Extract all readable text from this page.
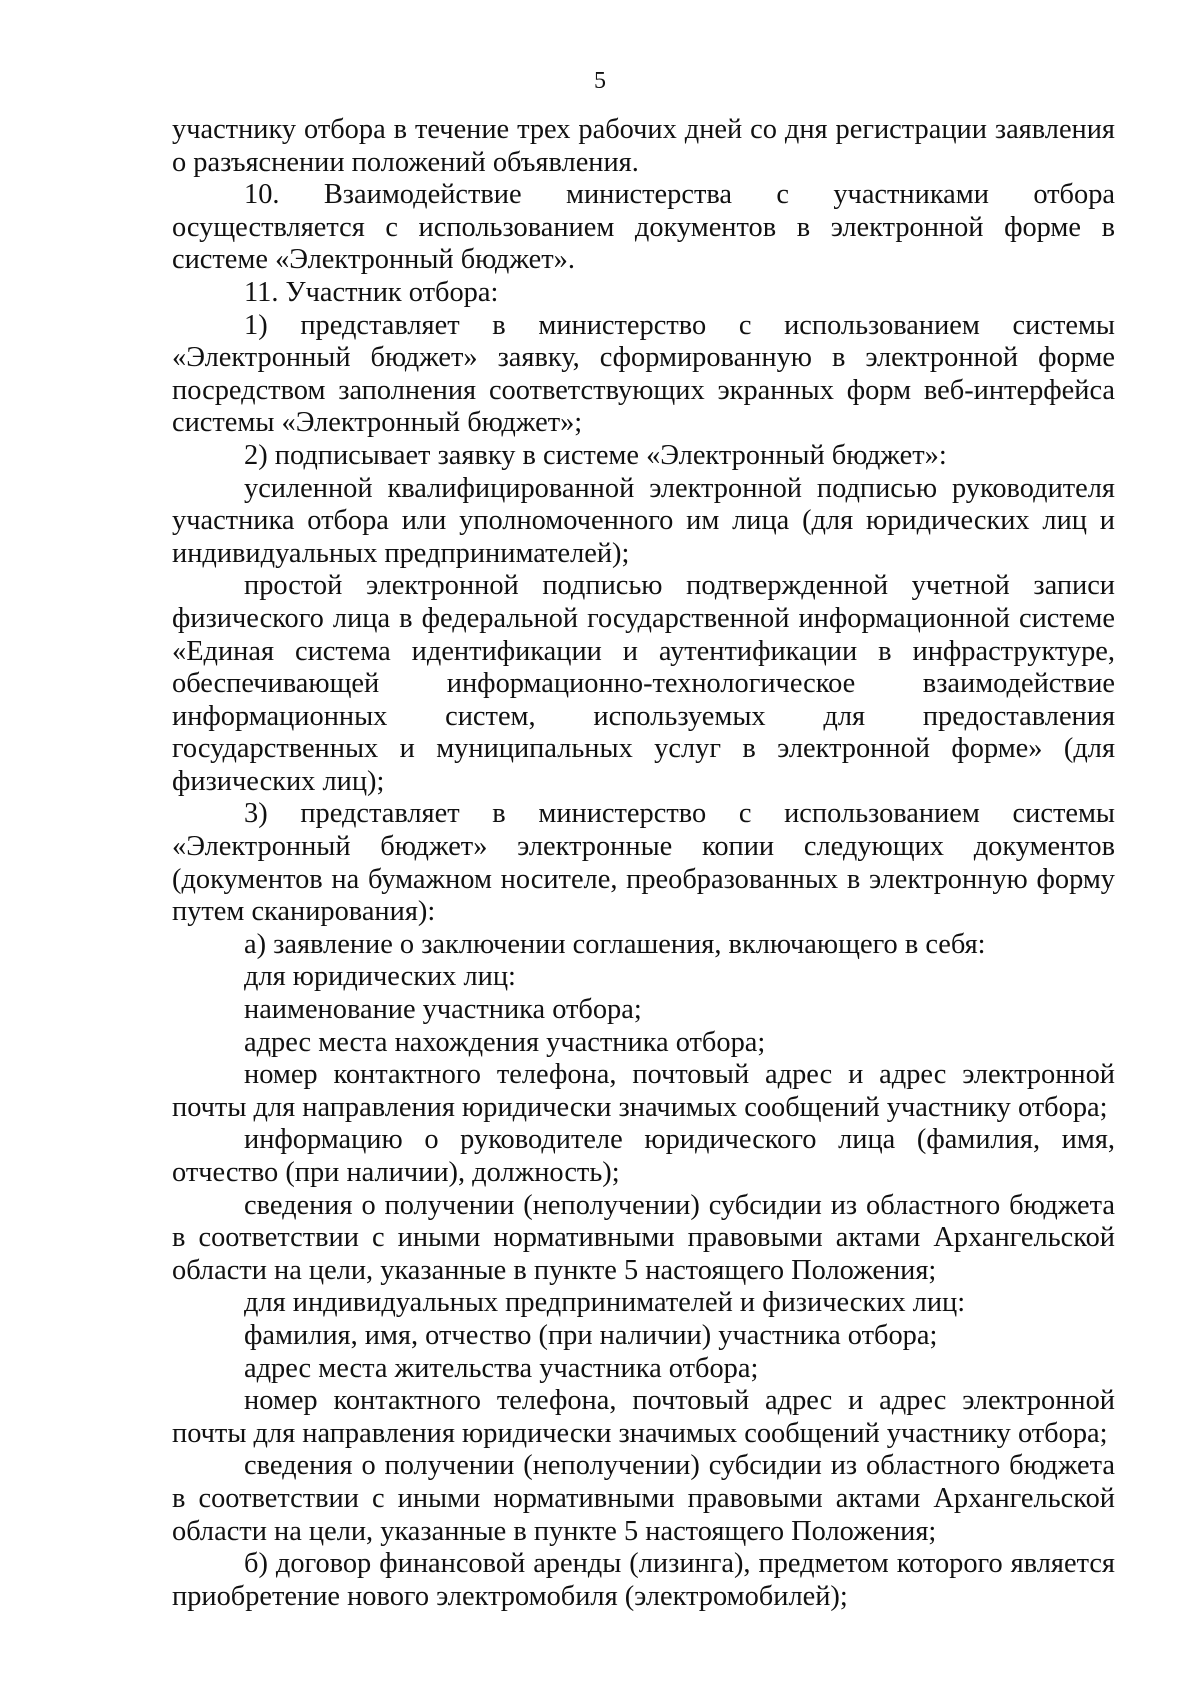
5

участнику отбора в течение трех рабочих дней со дня регистрации заявления о разъяснении положений объявления.

10. Взаимодействие министерства с участниками отбора осуществляется с использованием документов в электронной форме в системе «Электронный бюджет».

11. Участник отбора:

1) представляет в министерство с использованием системы «Электронный бюджет» заявку, сформированную в электронной форме посредством заполнения соответствующих экранных форм веб-интерфейса системы «Электронный бюджет»;

2) подписывает заявку в системе «Электронный бюджет»:

усиленной квалифицированной электронной подписью руководителя участника отбора или уполномоченного им лица (для юридических лиц и индивидуальных предпринимателей);

простой электронной подписью подтвержденной учетной записи физического лица в федеральной государственной информационной системе «Единая система идентификации и аутентификации в инфраструктуре, обеспечивающей информационно-технологическое взаимодействие информационных систем, используемых для предоставления государственных и муниципальных услуг в электронной форме» (для физических лиц);

3) представляет в министерство с использованием системы «Электронный бюджет» электронные копии следующих документов (документов на бумажном носителе, преобразованных в электронную форму путем сканирования):

а) заявление о заключении соглашения, включающего в себя:

для юридических лиц:

наименование участника отбора;

адрес места нахождения участника отбора;

номер контактного телефона, почтовый адрес и адрес электронной почты для направления юридически значимых сообщений участнику отбора;

информацию о руководителе юридического лица (фамилия, имя, отчество (при наличии), должность);

сведения о получении (неполучении) субсидии из областного бюджета в соответствии с иными нормативными правовыми актами Архангельской области на цели, указанные в пункте 5 настоящего Положения;

для индивидуальных предпринимателей и физических лиц:

фамилия, имя, отчество (при наличии) участника отбора;

адрес места жительства участника отбора;

номер контактного телефона, почтовый адрес и адрес электронной почты для направления юридически значимых сообщений участнику отбора;

сведения о получении (неполучении) субсидии из областного бюджета в соответствии с иными нормативными правовыми актами Архангельской области на цели, указанные в пункте 5 настоящего Положения;

б) договор финансовой аренды (лизинга), предметом которого является приобретение нового электромобиля (электромобилей);
